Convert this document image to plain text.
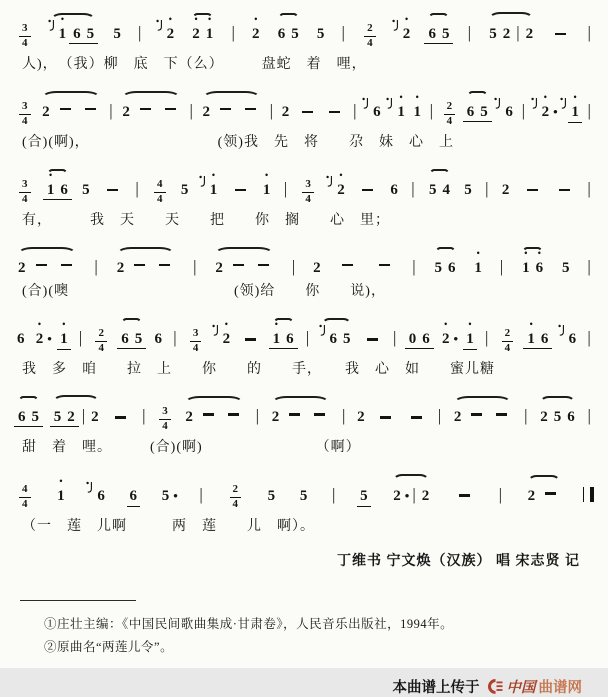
$\frac{3}{4}$ • 1 6 5 5 | • 2 • 2 • 1 | • 2 6 5 5 | $\frac{2}{4}$ • 2 6 5 | 5 2 | 2	|
人)，　（我）柳　底　下（么）　　　盘蛇　着　哩，
$\frac{3}{4} 2$	| 2	| 2	| 2	| 6 • 1 • 1 | $\frac{2}{4} 6$ 5 6 | • 2 • • 1 |
(合)(啊)，　　　　　　　　　(领)我　先　将　　尕　妹　心　上
$\frac{3}{4}$ • 1 6 5	| $\frac{4}{4} 5$ • 1	• 1 | $\frac{3}{4}$ • 2	6 | 5 4 5 | 2	|
有，　　　我　天　　天　　把　　你　搁　　心　里；
2	| 2	| 2	| 2	| 5 6 • 1 | • 1 • 6 5 |
(合)(噢　　　　　　　　　　　(领)给　　你　　说)，
6 • 2 • • 1 | $\frac{2}{4} 6$ 5 6 | $\frac{3}{4}$ • 2	• 1 6 | 6 5	| 0 6 • 2 • • 1 | $\frac{2}{4}$ • 1 6 6 |
我　多　咱　　拉　上　　你　　的　　手，　　我　心　如　　蜜儿糖
6 5 5 2 | 2	| $\frac{3}{4} 2$	| 2	| 2	| 2	| 2 5 6 |
甜　着　哩。　　　(合)(啊)　　　　　　　　（啊）
$\frac{4}{4}$ • 1 6 6 5 • | $\frac{2}{4} 5$ 5 | 5 2 • | 2	| 2
（一　莲　儿啊　　　两　莲　　儿　啊）。
丁维书 宁文焕（汉族） 唱 宋志贤 记
①庄壮主编：《中国民间歌曲集成·甘肃卷》，人民音乐出版社，1994年。
②原曲名“两莲儿令”。
本曲谱上传于 中国 曲谱网
